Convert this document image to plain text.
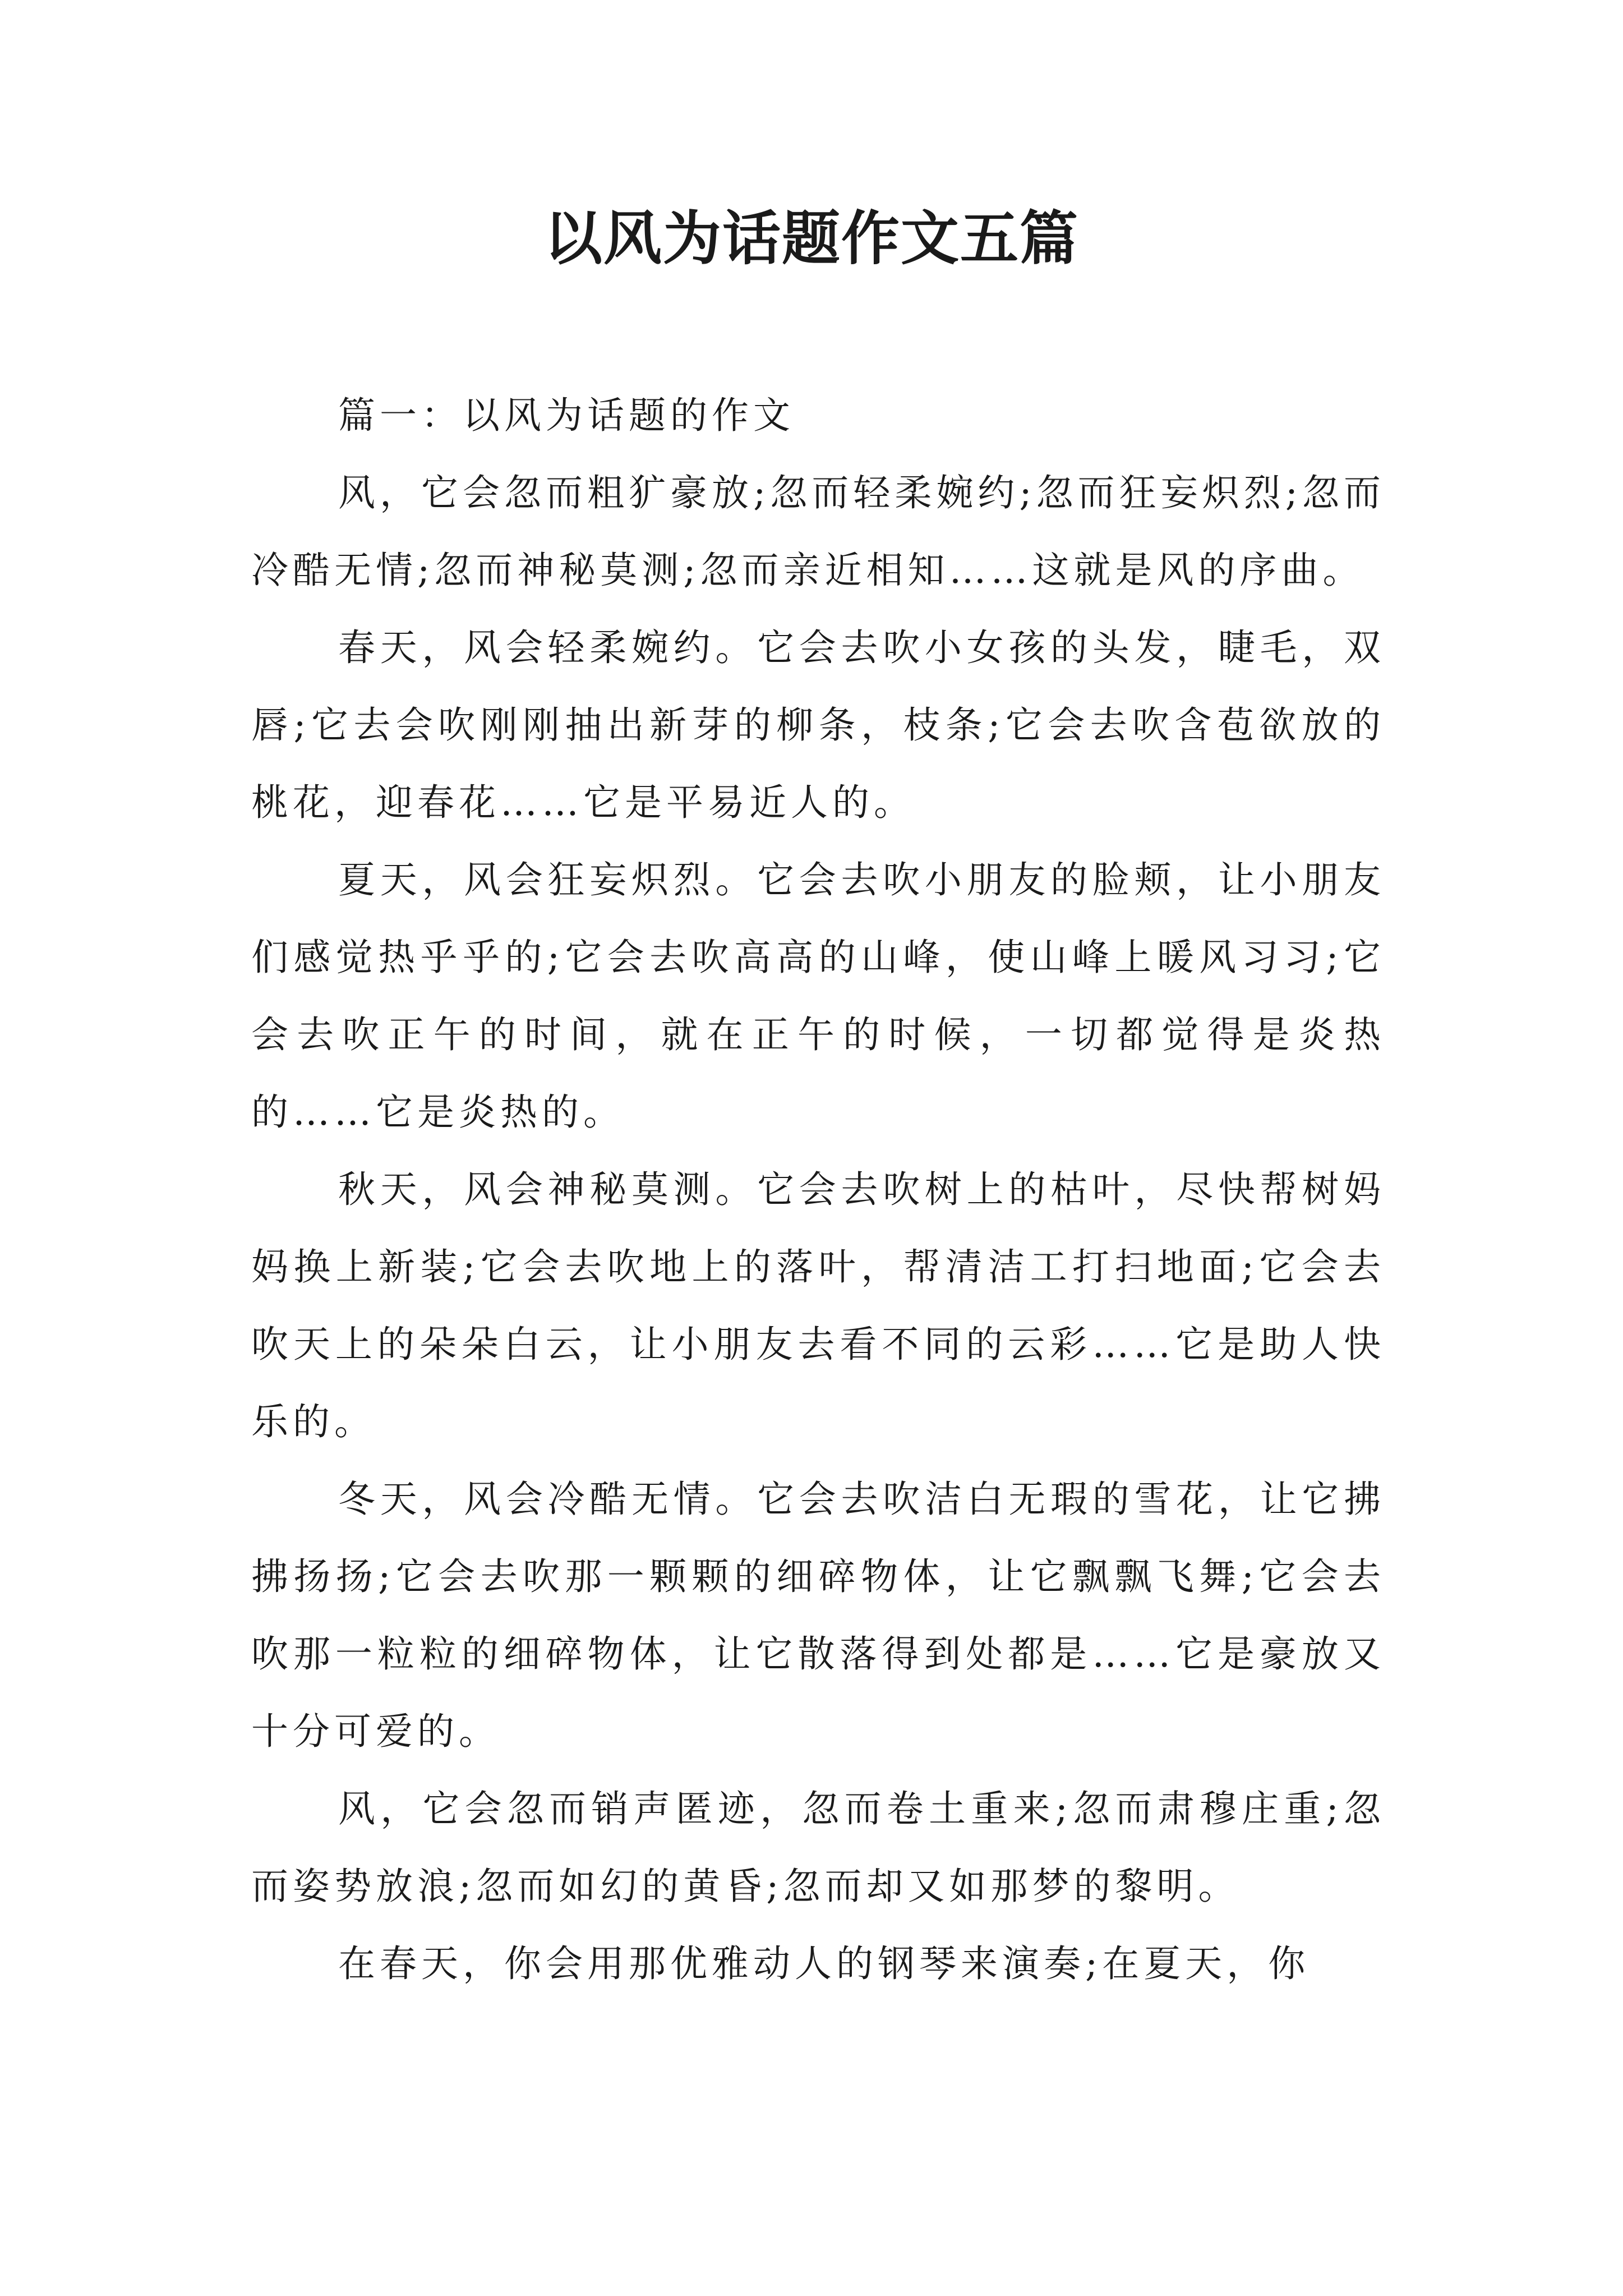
以风为话题作文五篇

篇一：以风为话题的作文

风，它会忽而粗犷豪放;忽而轻柔婉约;忽而狂妄炽烈;忽而冷酷无情;忽而神秘莫测;忽而亲近相知……这就是风的序曲。

春天，风会轻柔婉约。它会去吹小女孩的头发，睫毛，双唇;它去会吹刚刚抽出新芽的柳条，枝条;它会去吹含苞欲放的桃花，迎春花……它是平易近人的。

夏天，风会狂妄炽烈。它会去吹小朋友的脸颊，让小朋友们感觉热乎乎的;它会去吹高高的山峰，使山峰上暖风习习;它会去吹正午的时间，就在正午的时候，一切都觉得是炎热的……它是炎热的。

秋天，风会神秘莫测。它会去吹树上的枯叶，尽快帮树妈妈换上新装;它会去吹地上的落叶，帮清洁工打扫地面;它会去吹天上的朵朵白云，让小朋友去看不同的云彩……它是助人快乐的。

冬天，风会冷酷无情。它会去吹洁白无瑕的雪花，让它拂拂扬扬;它会去吹那一颗颗的细碎物体，让它飘飘飞舞;它会去吹那一粒粒的细碎物体，让它散落得到处都是……它是豪放又十分可爱的。

风，它会忽而销声匿迹，忽而卷土重来;忽而肃穆庄重;忽而姿势放浪;忽而如幻的黄昏;忽而却又如那梦的黎明。

在春天，你会用那优雅动人的钢琴来演奏;在夏天，你
